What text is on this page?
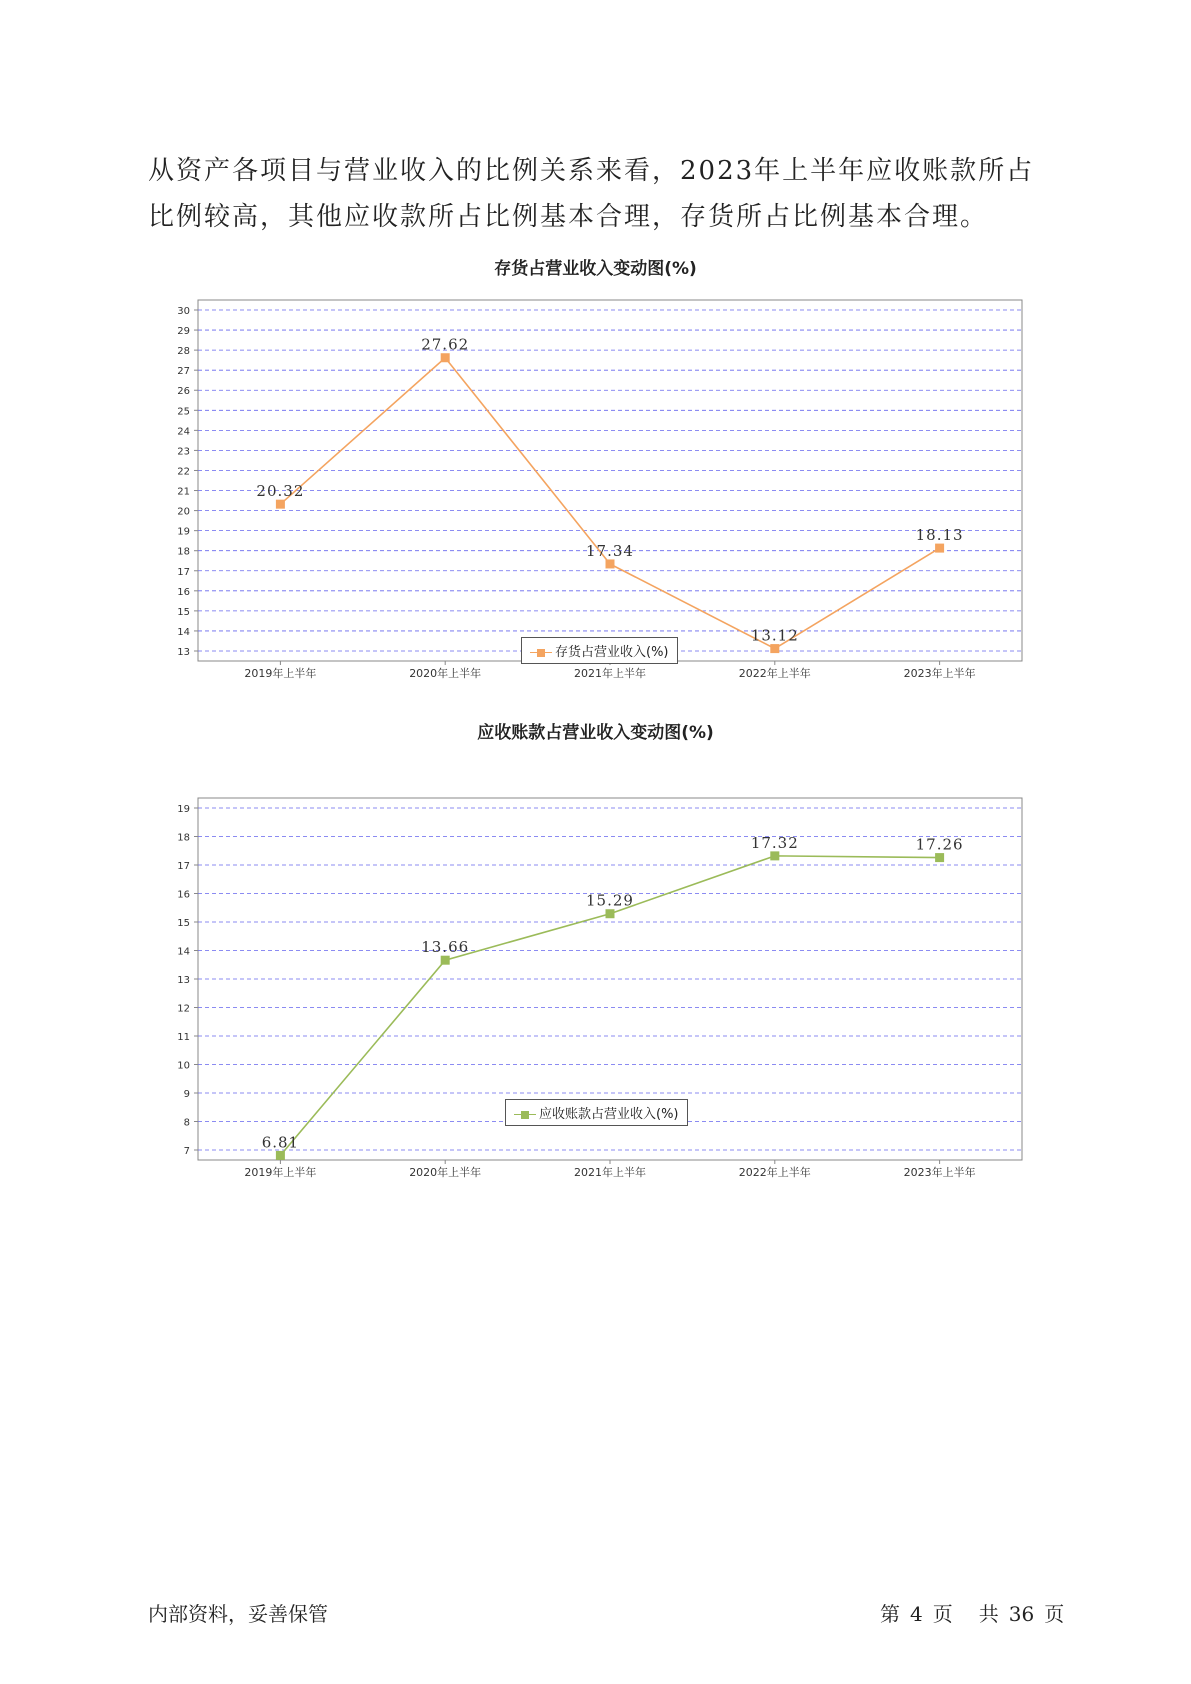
从资产各项目与营业收入的比例关系来看，2023年上半年应收账款所占比例较高，其他应收款所占比例基本合理，存货所占比例基本合理。

存货占营业收入变动图(%)
13
14
15
16
17
18
19
20
21
22
23
24
25
26
27
28
29
30
2019年上半年	2020年上半年	2021年上半年	2022年上半年	2023年上半年
20.32
27.62
17.34
13.12
18.13
存货占营业收入(%)
应收账款占营业收入变动图(%)
7
8
9
10
11
12
13
14
15
16
17
18
19
2019年上半年	2020年上半年	2021年上半年	2022年上半年	2023年上半年
6.81
13.66
15.29
17.32	17.26
应收账款占营业收入(%)
内部资料，妥善保管	第 4 页 共 36 页
